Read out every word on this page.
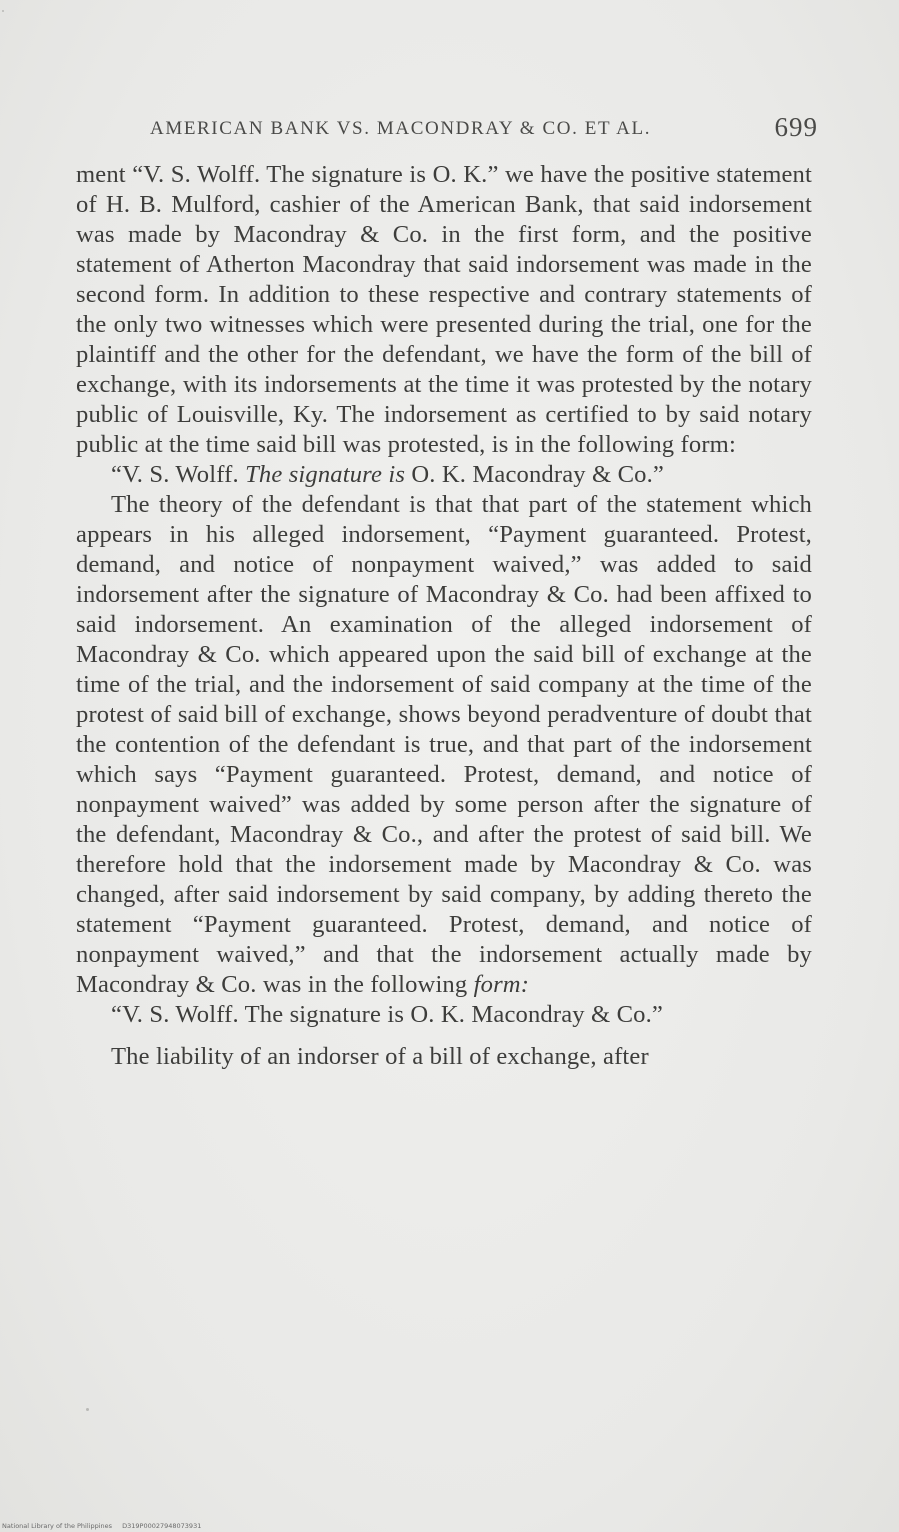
AMERICAN BANK VS. MACONDRAY & CO. ET AL.	699

ment “V. S. Wolff. The signature is O. K.” we have the positive statement of H. B. Mulford, cashier of the American Bank, that said indorsement was made by Macondray & Co. in the first form, and the positive statement of Atherton Macondray that said indorsement was made in the second form. In addition to these respective and contrary statements of the only two witnesses which were presented during the trial, one for the plaintiff and the other for the defendant, we have the form of the bill of exchange, with its indorsements at the time it was protested by the notary public of Louisville, Ky. The indorsement as certified to by said notary public at the time said bill was protested, is in the following form:

“V. S. Wolff. The signature is O. K. Macondray & Co.”

The theory of the defendant is that that part of the statement which appears in his alleged indorsement, “Payment guaranteed. Protest, demand, and notice of nonpayment waived,” was added to said indorsement after the signature of Macondray & Co. had been affixed to said indorsement. An examination of the alleged indorsement of Macondray & Co. which appeared upon the said bill of exchange at the time of the trial, and the indorsement of said company at the time of the protest of said bill of exchange, shows beyond peradventure of doubt that the contention of the defendant is true, and that part of the indorsement which says “Payment guaranteed. Protest, demand, and notice of nonpayment waived” was added by some person after the signature of the defendant, Macondray & Co., and after the protest of said bill. We therefore hold that the indorsement made by Macondray & Co. was changed, after said indorsement by said company, by adding thereto the statement “Payment guaranteed. Protest, demand, and notice of nonpayment waived,” and that the indorsement actually made by Macondray & Co. was in the following form:

“V. S. Wolff. The signature is O. K. Macondray & Co.”

The liability of an indorser of a bill of exchange, after

National Library of the Philippines D319P00027948073931
